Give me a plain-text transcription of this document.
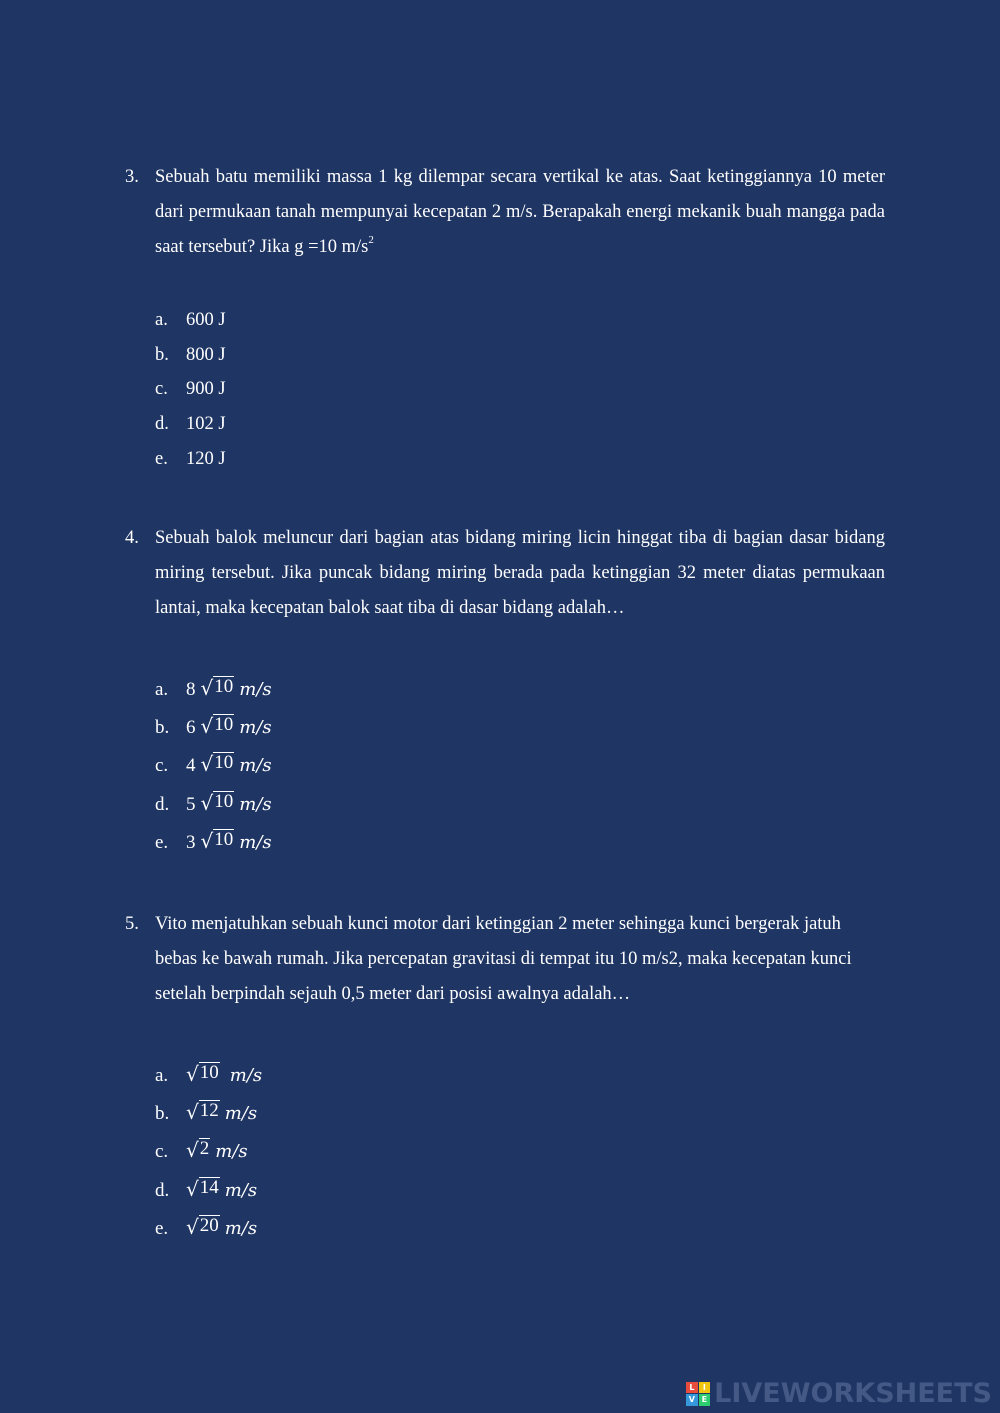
3. Sebuah batu memiliki massa 1 kg dilempar secara vertikal ke atas. Saat ketinggiannya 10 meter dari permukaan tanah mempunyai kecepatan 2 m/s. Berapakah energi mekanik buah mangga pada saat tersebut? Jika g =10 $m/s^2$
a. 600 J
b. 800 J
c. 900 J
d. 102 J
e. 120 J
4. Sebuah balok meluncur dari bagian atas bidang miring licin hinggat tiba di bagian dasar bidang miring tersebut. Jika puncak bidang miring berada pada ketinggian 32 meter diatas permukaan lantai, maka kecepatan balok saat tiba di dasar bidang adalah…
a. 8 √ 10 m/s
b. 6 √ 10 m/s
c. 4 √ 10 m/s
d. 5 √ 10 m/s
e. 3 √ 10 m/s
5. Vito menjatuhkan sebuah kunci motor dari ketinggian 2 meter sehingga kunci bergerak jatuh bebas ke bawah rumah. Jika percepatan gravitasi di tempat itu 10 m/s2, maka kecepatan kunci setelah berpindah sejauh 0,5 meter dari posisi awalnya adalah…
a. √ 10 m/s
b. √ 12 m/s
c. √ 2 m/s
d. √ 14 m/s
e. √ 20 m/s
L	I
V E LIVEWORKSHEETS
